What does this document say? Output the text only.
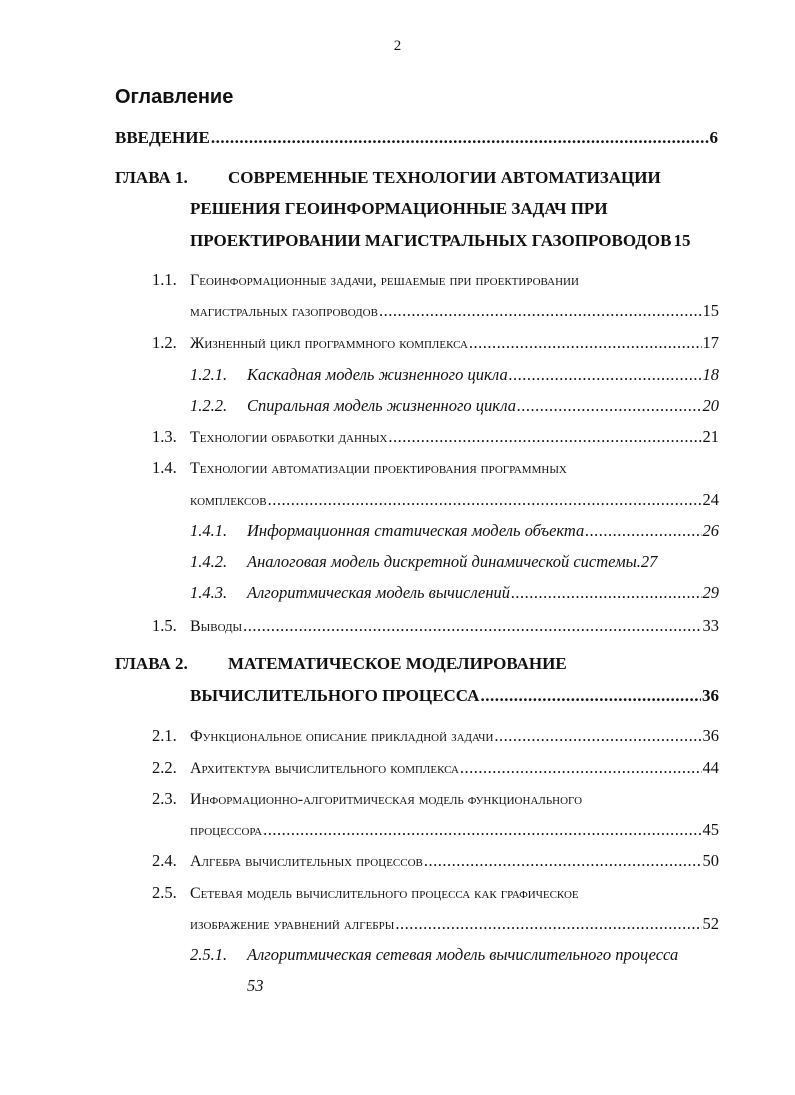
2
Оглавление
ВВЕДЕНИЕ .....	6
ГЛАВА 1.	СОВРЕМЕННЫЕ ТЕХНОЛОГИИ АВТОМАТИЗАЦИИ
РЕШЕНИЯ ГЕОИНФОРМАЦИОННЫЕ ЗАДАЧ ПРИ
ПРОЕКТИРОВАНИИ МАГИСТРАЛЬНЫХ ГАЗОПРОВОДОВ 15
1.1. Геоинформационные задачи, решаемые при проектировании
магистральных газопроводов .....	15
1.2. Жизненный цикл программного комплекса .....	17
1.2.1.	Каскадная модель жизненного цикла .....	18
1.2.2.	Спиральная модель жизненного цикла .....	20
1.3. Технологии обработки данных .....	21
1.4. Технологии автоматизации проектирования программных
комплексов .....	24
1.4.1.	Информационная статическая модель объекта .....	26
1.4.2.	Аналоговая модель дискретной динамической системы. 27
1.4.3.	Алгоритмическая модель вычислений .....	29
1.5. Выводы .....	33
ГЛАВА 2.	МАТЕМАТИЧЕСКОЕ МОДЕЛИРОВАНИЕ
ВЫЧИСЛИТЕЛЬНОГО ПРОЦЕССА .....	36
2.1. Функциональное описание прикладной задачи .....	36
2.2. Архитектура вычислительного комплекса .....	44
2.3. Информационно-алгоритмическая модель функционального
процессора .....	45
2.4. Алгебра вычислительных процессов .....	50
2.5. Сетевая модель вычислительного процесса как графическое
изображение уравнений алгебры .....	52
2.5.1.	Алгоритмическая сетевая модель вычислительного процесса
53
